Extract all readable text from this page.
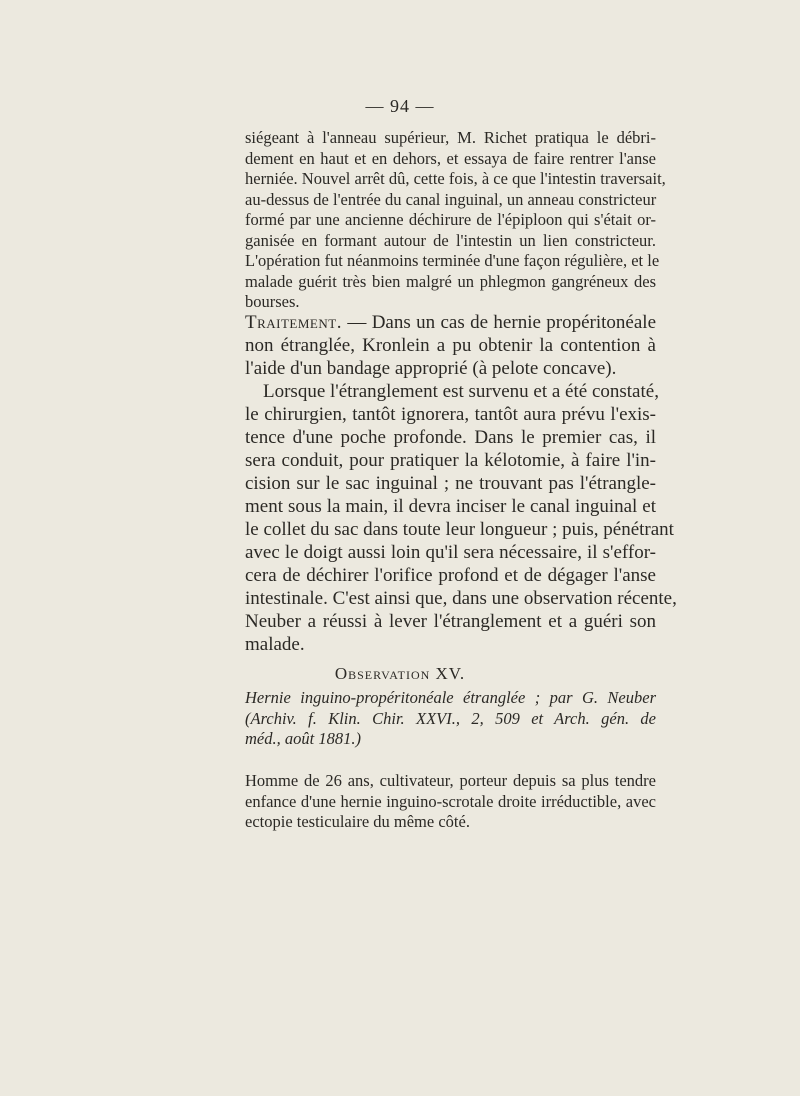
— 94 —
siégeant à l'anneau supérieur, M. Richet pratiqua le débri-
dement en haut et en dehors, et essaya de faire rentrer l'anse
herniée. Nouvel arrêt dû, cette fois, à ce que l'intestin traversait,
au-dessus de l'entrée du canal inguinal, un anneau constricteur
formé par une ancienne déchirure de l'épiploon qui s'était or-
ganisée en formant autour de l'intestin un lien constricteur.
L'opération fut néanmoins terminée d'une façon régulière, et le
malade guérit très bien malgré un phlegmon gangréneux des
bourses.
Traitement. — Dans un cas de hernie propéritonéale
non étranglée, Kronlein a pu obtenir la contention à
l'aide d'un bandage approprié (à pelote concave).
Lorsque l'étranglement est survenu et a été constaté,
le chirurgien, tantôt ignorera, tantôt aura prévu l'exis-
tence d'une poche profonde. Dans le premier cas, il
sera conduit, pour pratiquer la kélotomie, à faire l'in-
cision sur le sac inguinal ; ne trouvant pas l'étrangle-
ment sous la main, il devra inciser le canal inguinal et
le collet du sac dans toute leur longueur ; puis, pénétrant
avec le doigt aussi loin qu'il sera nécessaire, il s'effor-
cera de déchirer l'orifice profond et de dégager l'anse
intestinale. C'est ainsi que, dans une observation récente,
Neuber a réussi à lever l'étranglement et a guéri son
malade.
Observation XV.
Hernie inguino-propéritonéale étranglée ; par G. Neuber
(Archiv. f. Klin. Chir. XXVI., 2, 509 et Arch. gén. de
méd., août 1881.)
Homme de 26 ans, cultivateur, porteur depuis sa plus tendre
enfance d'une hernie inguino-scrotale droite irréductible, avec
ectopie testiculaire du même côté.
